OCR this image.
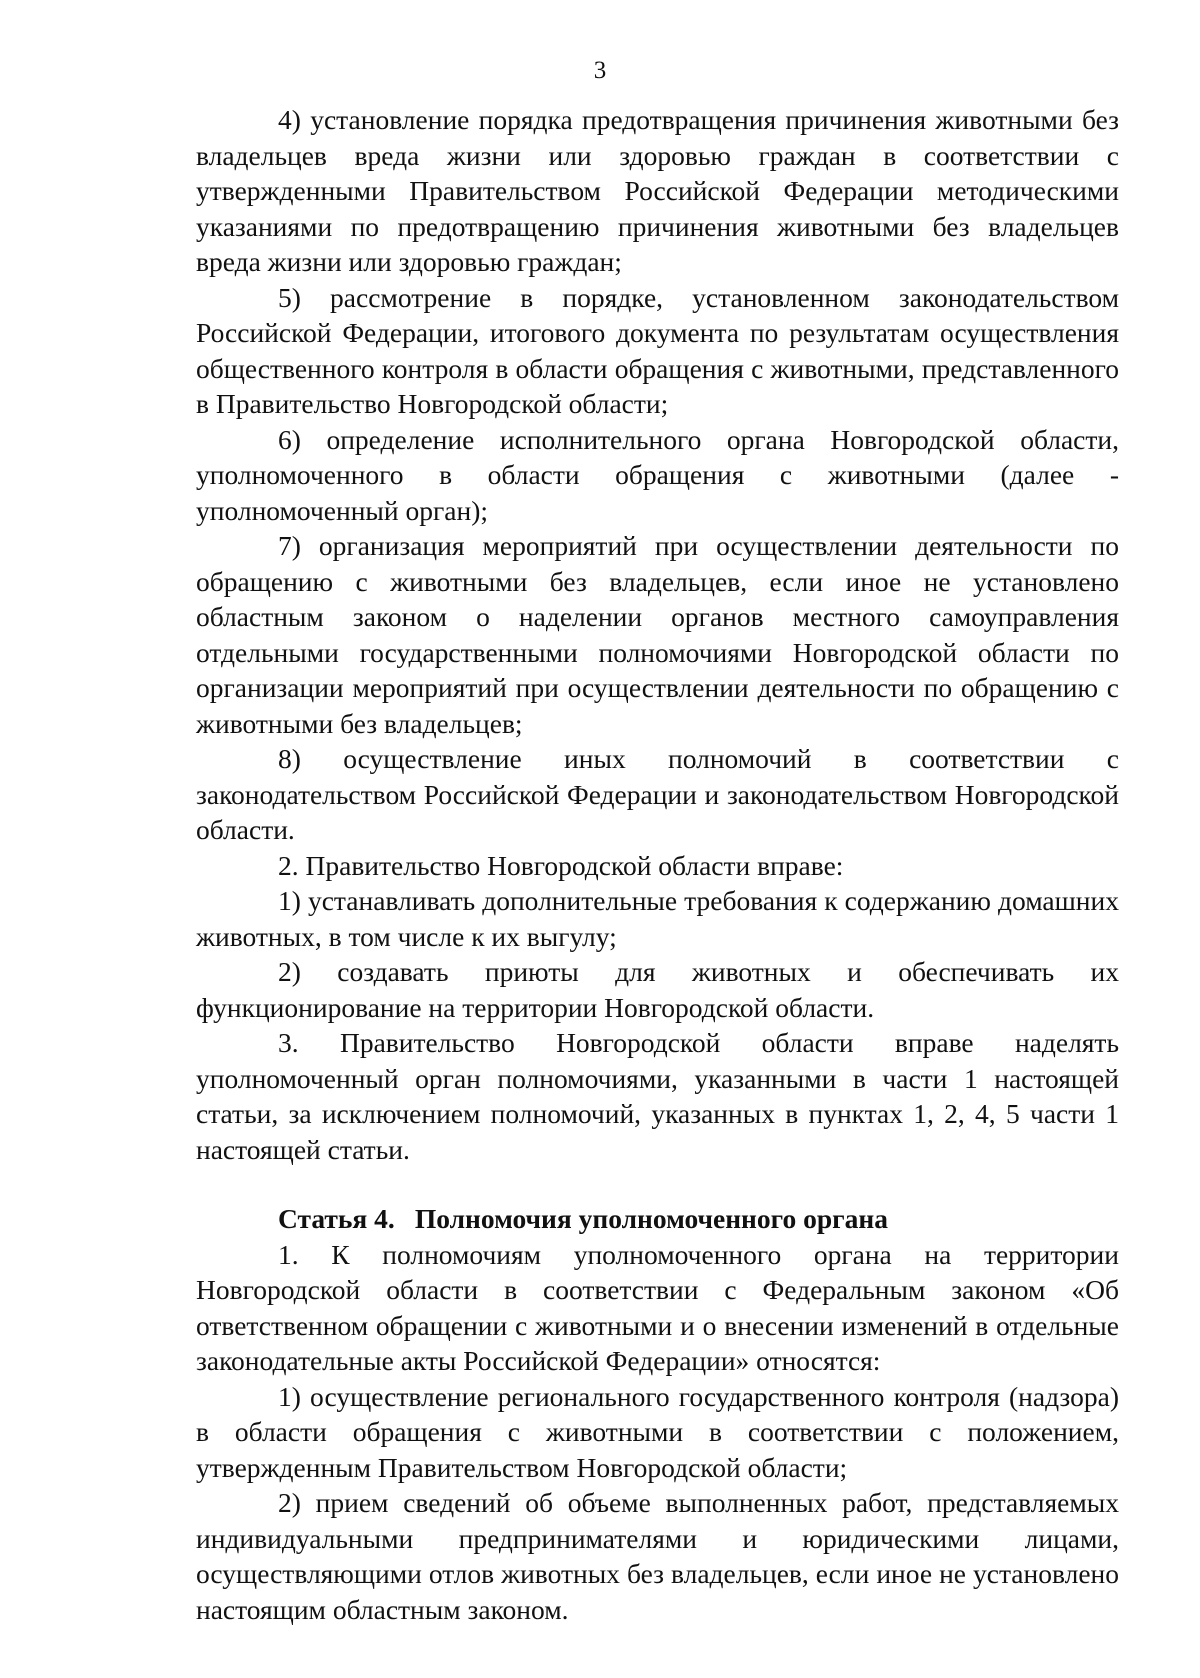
3

4) установление порядка предотвращения причинения животными без владельцев вреда жизни или здоровью граждан в соответствии с утвержденными Правительством Российской Федерации методическими указаниями по предотвращению причинения животными без владельцев вреда жизни или здоровью граждан;

5) рассмотрение в порядке, установленном законодательством Российской Федерации, итогового документа по результатам осуществления общественного контроля в области обращения с животными, представленного в Правительство Новгородской области;

6) определение исполнительного органа Новгородской области, уполномоченного в области обращения с животными (далее - уполномоченный орган);

7) организация мероприятий при осуществлении деятельности по обращению с животными без владельцев, если иное не установлено областным законом о наделении органов местного самоуправления отдельными государственными полномочиями Новгородской области по организации мероприятий при осуществлении деятельности по обращению с животными без владельцев;

8) осуществление иных полномочий в соответствии с законодательством Российской Федерации и законодательством Новгородской области.

2. Правительство Новгородской области вправе:

1) устанавливать дополнительные требования к содержанию домашних животных, в том числе к их выгулу;

2) создавать приюты для животных и обеспечивать их функционирование на территории Новгородской области.

3. Правительство Новгородской области вправе наделять уполномоченный орган полномочиями, указанными в части 1 настоящей статьи, за исключением полномочий, указанных в пунктах 1, 2, 4, 5 части 1 настоящей статьи.

Статья 4. Полномочия уполномоченного органа

1. К полномочиям уполномоченного органа на территории Новгородской области в соответствии с Федеральным законом «Об ответственном обращении с животными и о внесении изменений в отдельные законодательные акты Российской Федерации» относятся:

1) осуществление регионального государственного контроля (надзора) в области обращения с животными в соответствии с положением, утвержденным Правительством Новгородской области;

2) прием сведений об объеме выполненных работ, представляемых индивидуальными предпринимателями и юридическими лицами, осуществляющими отлов животных без владельцев, если иное не установлено настоящим областным законом.
